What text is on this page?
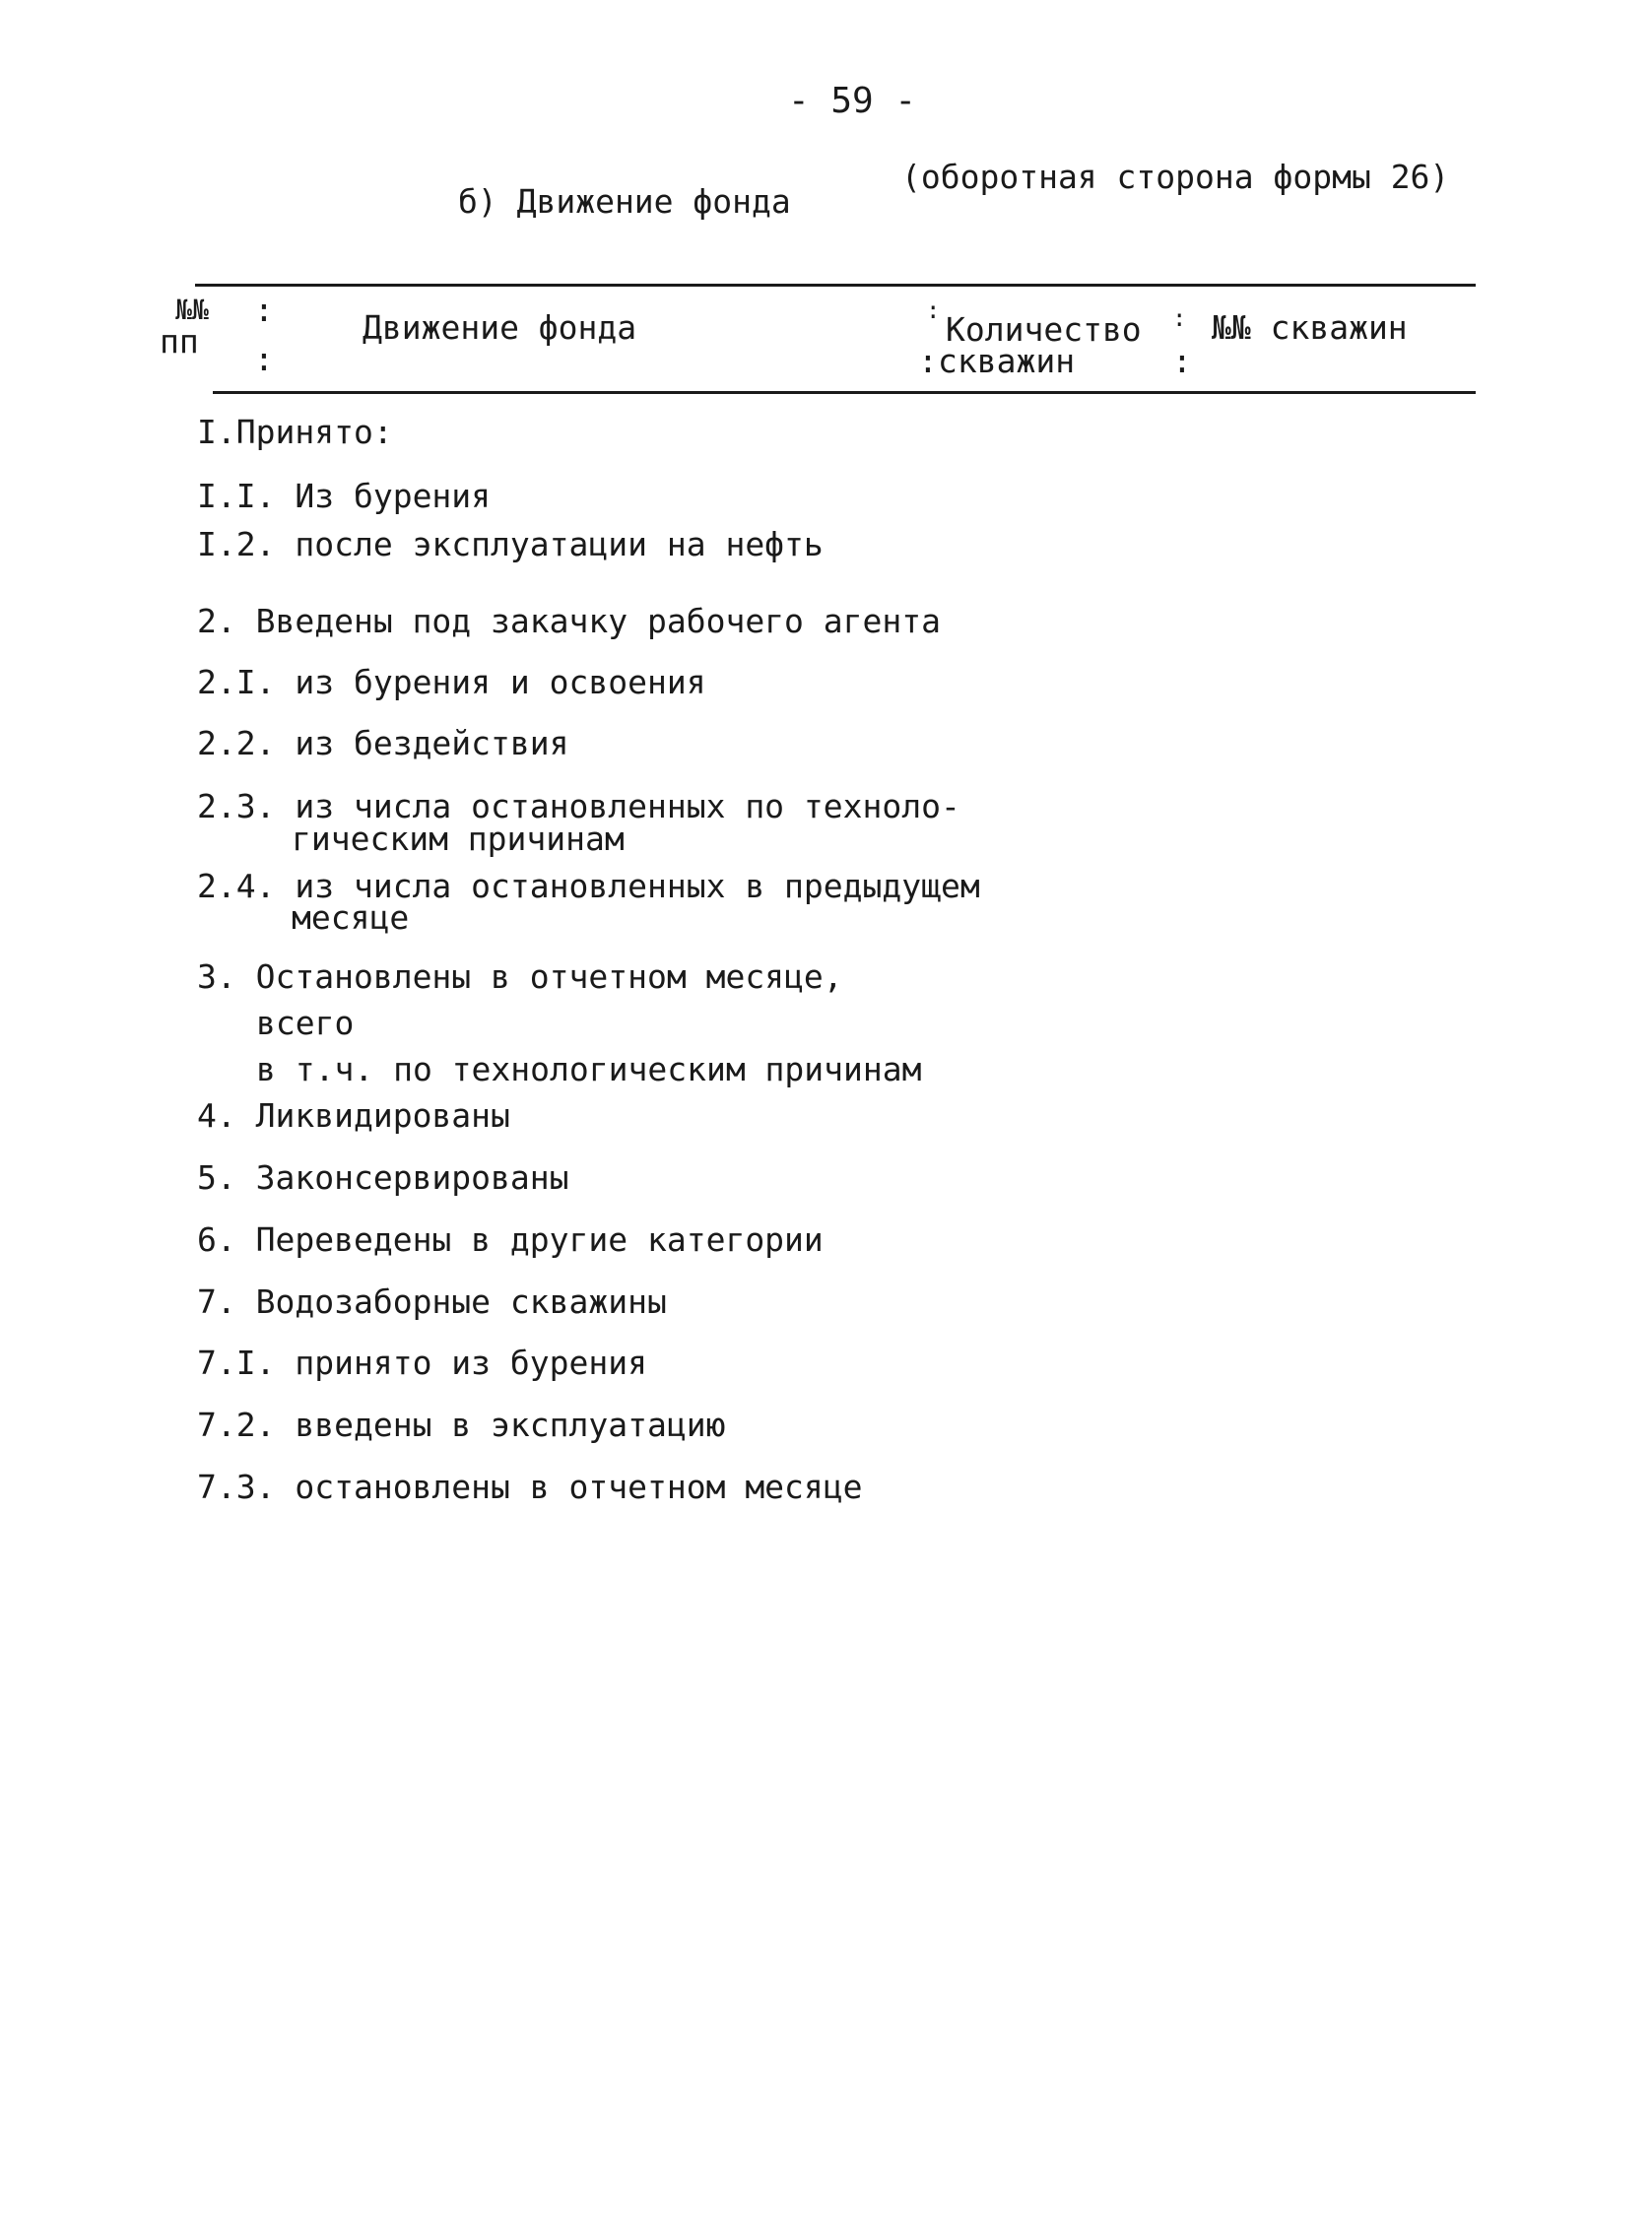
- 59 -
(оборотная сторона формы 26)
б) Движение фонда
№№
пп
:
:
Движение фонда	: Количество
: скважин
:
:
№№ скважин
I.Принято:
I.I. Из бурения
I.2. после эксплуатации на нефть
2. Введены под закачку рабочего агента
2.I. из бурения и освоения
2.2. из бездействия
2.3. из числа остановленных по техноло-
гическим причинам
2.4. из числа остановленных в предыдущем
месяце
3. Остановлены в отчетном месяце,
всего
в т.ч. по технологическим причинам
4. Ликвидированы
5. Законсервированы
6. Переведены в другие категории
7. Водозаборные скважины
7.I. принято из бурения
7.2. введены в эксплуатацию
7.3. остановлены в отчетном месяце
